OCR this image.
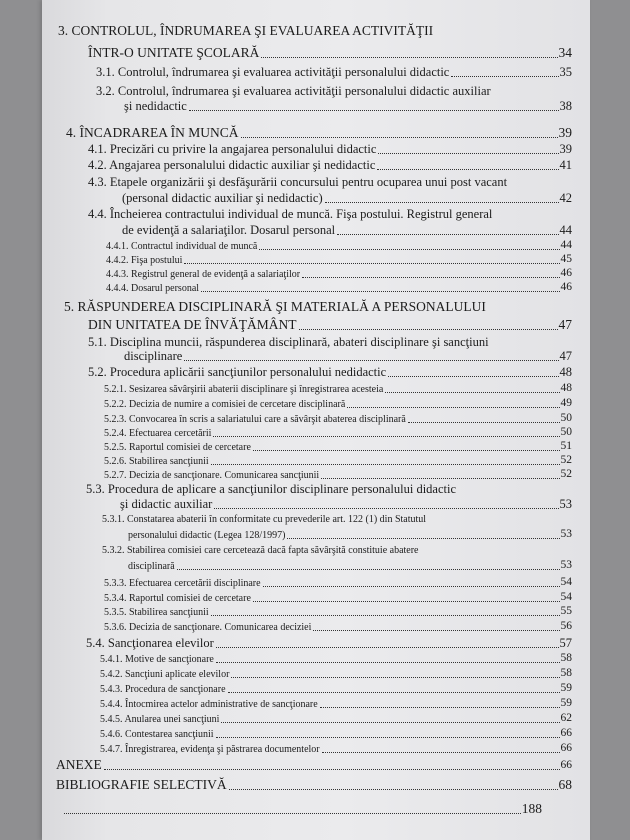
3. CONTROLUL, ÎNDRUMAREA ŞI EVALUAREA ACTIVITĂŢII
ÎNTR-O UNITATE ŞCOLARĂ	34
3.1. Controlul, îndrumarea şi evaluarea activităţii personalului didactic	35
3.2. Controlul, îndrumarea şi evaluarea activităţii personalului didactic auxiliar
şi nedidactic	38
4. ÎNCADRAREA ÎN MUNCĂ	39
4.1. Precizări cu privire la angajarea personalului didactic	39
4.2. Angajarea personalului didactic auxiliar şi nedidactic	41
4.3. Etapele organizării şi desfăşurării concursului pentru ocuparea unui post vacant
(personal didactic auxiliar şi nedidactic)	42
4.4. Încheierea contractului individual de muncă. Fişa postului. Registrul general
de evidenţă a salariaţilor. Dosarul personal	44
4.4.1. Contractul individual de muncă	44
4.4.2. Fişa postului	45
4.4.3. Registrul general de evidenţă a salariaţilor	46
4.4.4. Dosarul personal	46
5. RĂSPUNDEREA DISCIPLINARĂ ŞI MATERIALĂ A PERSONALULUI
DIN UNITATEA DE ÎNVĂŢĂMÂNT	47
5.1. Disciplina muncii, răspunderea disciplinară, abateri disciplinare şi sancţiuni
disciplinare	47
5.2. Procedura aplicării sancţiunilor personalului nedidactic	48
5.2.1. Sesizarea săvârşirii abaterii disciplinare şi înregistrarea acesteia	48
5.2.2. Decizia de numire a comisiei de cercetare disciplinară	49
5.2.3. Convocarea în scris a salariatului care a săvârşit abaterea disciplinară	50
5.2.4. Efectuarea cercetării	50
5.2.5. Raportul comisiei de cercetare	51
5.2.6. Stabilirea sancţiunii	52
5.2.7. Decizia de sancţionare. Comunicarea sancţiunii	52
5.3. Procedura de aplicare a sancţiunilor disciplinare personalului didactic
şi didactic auxiliar	53
5.3.1. Constatarea abaterii în conformitate cu prevederile art. 122 (1) din Statutul
personalului didactic (Legea 128/1997)	53
5.3.2. Stabilirea comisiei care cercetează dacă fapta săvârşită constituie abatere
disciplinară	53
5.3.3. Efectuarea cercetării disciplinare	54
5.3.4. Raportul comisiei de cercetare	54
5.3.5. Stabilirea sancţiunii	55
5.3.6. Decizia de sancţionare. Comunicarea deciziei	56
5.4. Sancţionarea elevilor	57
5.4.1. Motive de sancţionare	58
5.4.2. Sancţiuni aplicate elevilor	58
5.4.3. Procedura de sancţionare	59
5.4.4. Întocmirea actelor administrative de sancţionare	59
5.4.5. Anularea unei sancţiuni	62
5.4.6. Contestarea sancţiunii	66
5.4.7. Înregistrarea, evidenţa şi păstrarea documentelor	66
ANEXE	66
BIBLIOGRAFIE SELECTIVĂ	68
188
